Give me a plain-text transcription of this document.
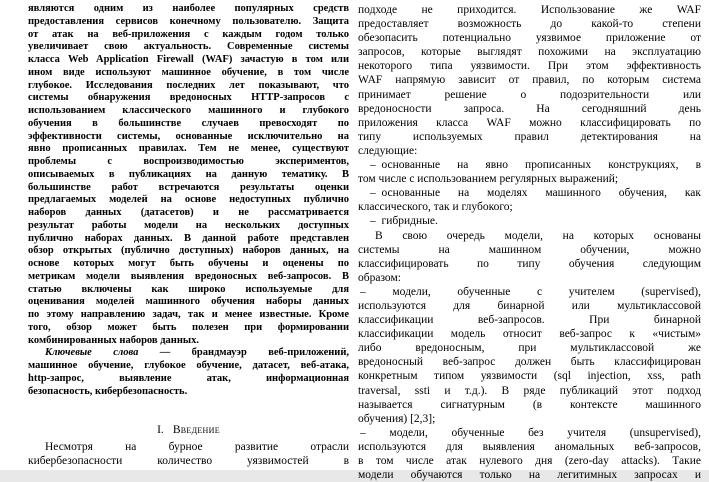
являются одним из наиболее популярных средств
предоставления сервисов конечному пользователю. Защита
от атак на веб-приложения с каждым годом только
увеличивает свою актуальность. Современные системы
класса Web Application Firewall (WAF) зачастую в том или
ином виде используют машинное обучение, в том числе
глубокое. Исследования последних лет показывают, что
системы обнаружения вредоносных HTTP-запросов с
использованием классического машинного и глубокого
обучения в большинстве случаев превосходят по
эффективности системы, основанные исключительно на
явно прописанных правилах. Тем не менее, существуют
проблемы с воспроизводимостью экспериментов,
описываемых в публикациях на данную тематику. В
большинстве работ встречаются результаты оценки
предлагаемых моделей на основе недоступных публично
наборов данных (датасетов) и не рассматривается
результат работы модели на нескольких доступных
публично наборах данных. В данной работе представлен
обзор открытых (публично доступных) наборов данных, на
основе которых могут быть обучены и оценены по
метрикам модели выявления вредоносных веб-запросов. В
статью включены как широко используемые для
оценивания моделей машинного обучения наборы данных
по этому направлению задач, так и менее известные. Кроме
того, обзор может быть полезен при формировании
комбинированных наборов данных.
Ключевые слова — брандмауэр веб-приложений,
машинное обучение, глубокое обучение, датасет, веб-атака,
http-запрос, выявление атак, информационная
безопасность, кибербезопасность.
I. Введение
Несмотря на бурное развитие отрасли
кибербезопасности количество уязвимостей в
подходе не приходится. Использование же WAF
предоставляет возможность до какой-то степени
обезопасить потенциально уязвимое приложение от
запросов, которые выглядят похожими на эксплуатацию
некоторого типа уязвимости. При этом эффективность
WAF напрямую зависит от правил, по которым система
принимает решение о подозрительности или
вредоносности запроса. На сегодняшний день
приложения класса WAF можно классифицировать по
типу используемых правил детектирования на
следующие:
– основанные на явно прописанных конструкциях, в
том числе с использованием регулярных выражений;
– основанные на моделях машинного обучения, как
классического, так и глубокого;
– гибридные.
В свою очередь модели, на которых основаны
системы на машинном обучении, можно
классифицировать по типу обучения следующим
образом:
– модели, обученные с учителем (supervised),
используются для бинарной или мультиклассовой
классификации веб-запросов. При бинарной
классификации модель относит веб-запрос к «чистым»
либо вредоносным, при мультиклассовой же
вредоносный веб-запрос должен быть классифицирован
конкретным типом уязвимости (sql injection, xss, path
traversal, ssti и т.д.). В ряде публикаций этот подход
называется сигнатурным (в контексте машинного
обучения) [2,3];
– модели, обученные без учителя (unsupervised),
используются для выявления аномальных веб-запросов,
в том числе атак нулевого дня (zero-day attacks). Такие
модели обучаются только на легитимных запросах и
